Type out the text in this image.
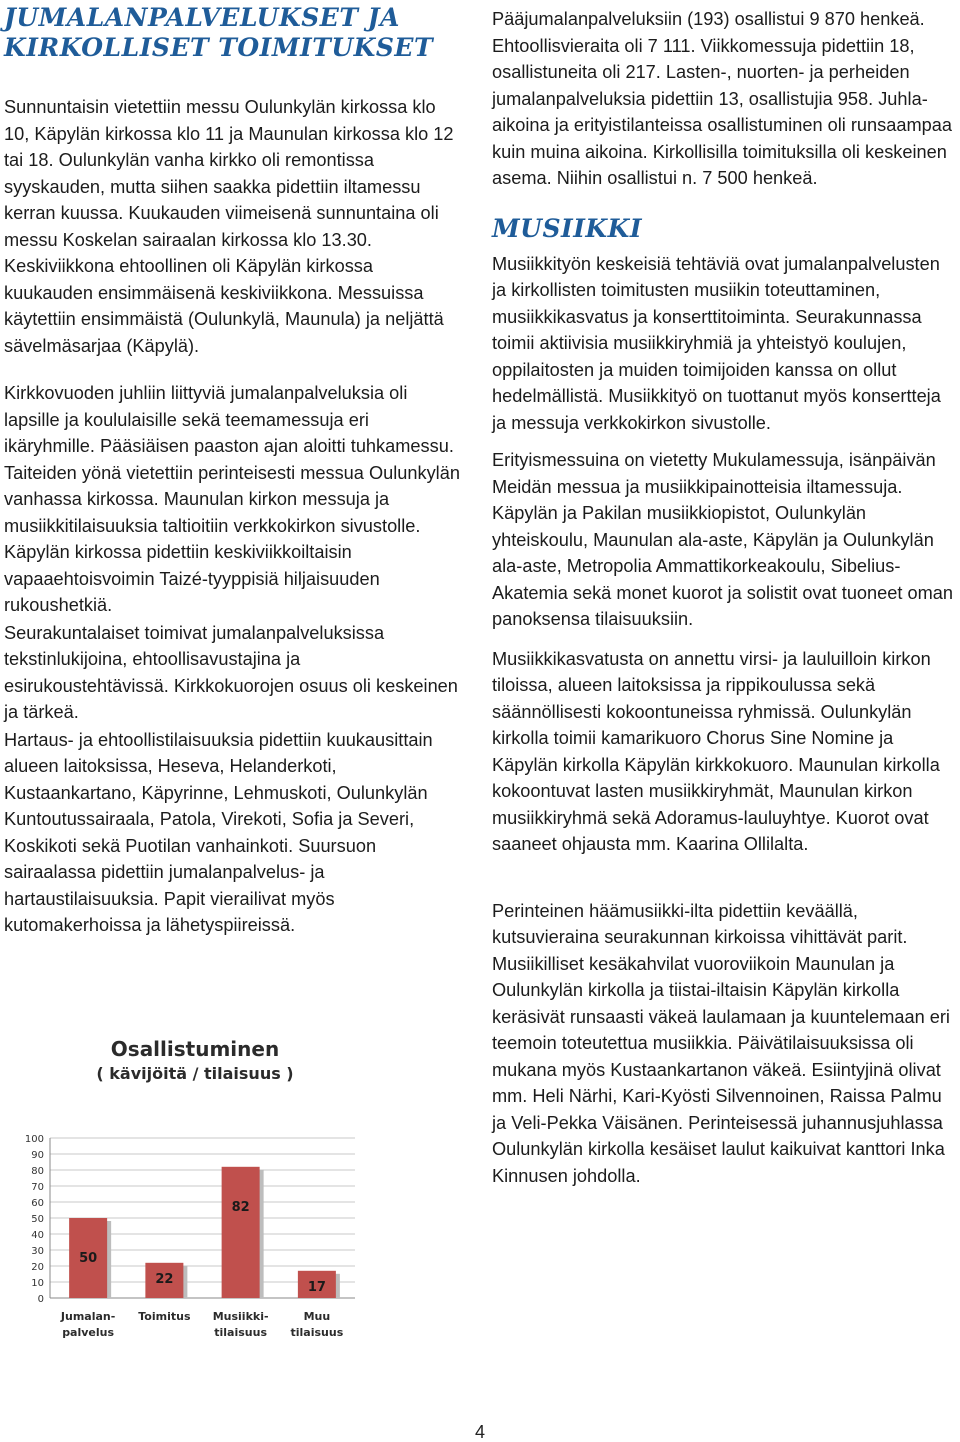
JUMALANPALVELUKSET JA KIRKOLLISET TOIMITUKSET

Sunnuntaisin vietettiin messu Oulunkylän kirkossa klo 10, Käpylän kirkossa klo 11 ja Maunulan kirkossa klo 12 tai 18. Oulunkylän vanha kirkko oli remontissa syyskauden, mutta siihen saakka pidettiin iltamessu kerran kuussa. Kuukauden viimeisenä sunnuntaina oli messu Koskelan sairaalan kirkossa klo 13.30. Keskiviikkona ehtoollinen oli Käpylän kirkossa kuukauden ensimmäisenä keskiviikkona. Messuissa käytettiin ensimmäistä (Oulunkylä, Maunula) ja neljättä sävelmäsarjaa (Käpylä).

Kirkkovuoden juhliin liittyviä jumalanpalveluksia oli lapsille ja koululaisille sekä teemamessuja eri ikäryhmille. Pääsiäisen paaston ajan aloitti tuhkamessu. Taiteiden yönä vietettiin perinteisesti messua Oulunkylän vanhassa kirkossa. Maunulan kirkon messuja ja musiikkitilaisuuksia taltioitiin verkkokirkon sivustolle. Käpylän kirkossa pidettiin keskiviikkoiltaisin vapaaehtoisvoimin Taizé-tyyppisiä hiljaisuuden rukoushetkiä.

Seurakuntalaiset toimivat jumalanpalveluksissa tekstinlukijoina, ehtoollisavustajina ja esirukoustehtävissä. Kirkkokuorojen osuus oli keskeinen ja tärkeä.

Hartaus- ja ehtoollistilaisuuksia pidettiin kuukausittain alueen laitoksissa, Heseva, Helanderkoti, Kustaankartano, Käpyrinne, Lehmuskoti, Oulunkylän Kuntoutussairaala, Patola, Virekoti, Sofia ja Severi, Koskikoti sekä Puotilan vanhainkoti. Suursuon sairaalassa pidettiin jumalanpalvelus- ja hartaustilaisuuksia. Papit vierailivat myös kutomakerhoissa ja lähetyspiireissä.

Osallistuminen
( kävijöitä / tilaisuus )
0
10
20
30
40
50
60
70
80
90
100
50
Jumalan-palvelus
22
Toimitus
82
Musiikki-tilaisuus
17
Muu tilaisuus

Pääjumalanpalveluksiin (193) osallistui 9 870 henkeä. Ehtoollisvieraita oli 7 111. Viikkomessuja pidettiin 18, osallistuneita oli 217. Lasten-, nuorten- ja perheiden jumalanpalveluksia pidettiin 13, osallistujia 958. Juhla-aikoina ja erityistilanteissa osallistuminen oli runsaampaa kuin muina aikoina. Kirkollisilla toimituksilla oli keskeinen asema. Niihin osallistui n. 7 500 henkeä.

MUSIIKKI

Musiikkityön keskeisiä tehtäviä ovat jumalanpalvelusten ja kirkollisten toimitusten musiikin toteuttaminen, musiikkikasvatus ja konserttitoiminta. Seurakunnassa toimii aktiivisia musiikkiryhmiä ja yhteistyö koulujen, oppilaitosten ja muiden toimijoiden kanssa on ollut hedelmällistä. Musiikkityö on tuottanut myös konsertteja ja messuja verkkokirkon sivustolle.

Erityismessuina on vietetty Mukulamessuja, isänpäivän Meidän messua ja musiikkipainotteisia iltamessuja. Käpylän ja Pakilan musiikkiopistot, Oulunkylän yhteiskoulu, Maunulan ala-aste, Käpylän ja Oulunkylän ala-aste, Metropolia Ammattikorkeakoulu, Sibelius-Akatemia sekä monet kuorot ja solistit ovat tuoneet oman panoksensa tilaisuuksiin.

Musiikkikasvatusta on annettu virsi- ja lauluilloin kirkon tiloissa, alueen laitoksissa ja rippikoulussa sekä säännöllisesti kokoontuneissa ryhmissä. Oulunkylän kirkolla toimii kamarikuoro Chorus Sine Nomine ja Käpylän kirkolla Käpylän kirkkokuoro. Maunulan kirkolla kokoontuvat lasten musiikkiryhmät, Maunulan kirkon musiikkiryhmä sekä Adoramus-lauluyhtye. Kuorot ovat saaneet ohjausta mm. Kaarina Ollilalta.

Perinteinen häämusiikki-ilta pidettiin keväällä, kutsuvieraina seurakunnan kirkoissa vihittävät parit. Musiikilliset kesäkahvilat vuoroviikoin Maunulan ja Oulunkylän kirkolla ja tiistai-iltaisin Käpylän kirkolla keräsivät runsaasti väkeä laulamaan ja kuuntelemaan eri teemoin toteutettua musiikkia. Päivätilaisuuksissa oli mukana myös Kustaankartanon väkeä. Esiintyjinä olivat mm. Heli Närhi, Kari-Kyösti Silvennoinen, Raissa Palmu ja Veli-Pekka Väisänen. Perinteisessä juhannusjuhlassa Oulunkylän kirkolla kesäiset laulut kaikuivat kanttori Inka Kinnusen johdolla.

4
